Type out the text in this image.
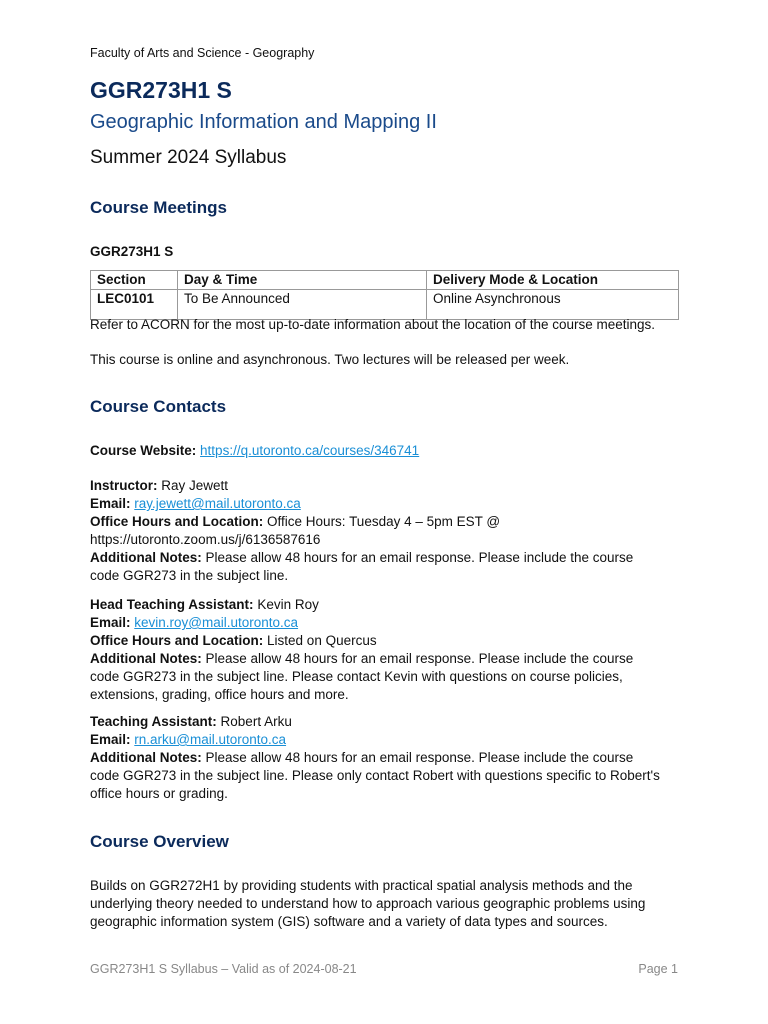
Faculty of Arts and Science - Geography
GGR273H1 S
Geographic Information and Mapping II
Summer 2024 Syllabus
Course Meetings
GGR273H1 S
Section	Day & Time	Delivery Mode & Location
LEC0101	To Be Announced	Online Asynchronous
Refer to ACORN for the most up-to-date information about the location of the course meetings.
This course is online and asynchronous. Two lectures will be released per week.
Course Contacts
Course Website: https://q.utoronto.ca/courses/346741
Instructor: Ray Jewett
Email: ray.jewett@mail.utoronto.ca
Office Hours and Location: Office Hours: Tuesday 4 – 5pm EST @
https://utoronto.zoom.us/j/6136587616
Additional Notes: Please allow 48 hours for an email response. Please include the course
code GGR273 in the subject line.
Head Teaching Assistant: Kevin Roy
Email: kevin.roy@mail.utoronto.ca
Office Hours and Location: Listed on Quercus
Additional Notes: Please allow 48 hours for an email response. Please include the course
code GGR273 in the subject line. Please contact Kevin with questions on course policies,
extensions, grading, office hours and more.
Teaching Assistant: Robert Arku
Email: rn.arku@mail.utoronto.ca
Additional Notes: Please allow 48 hours for an email response. Please include the course
code GGR273 in the subject line. Please only contact Robert with questions specific to Robert's
office hours or grading.
Course Overview
Builds on GGR272H1 by providing students with practical spatial analysis methods and the
underlying theory needed to understand how to approach various geographic problems using
geographic information system (GIS) software and a variety of data types and sources.
GGR273H1 S Syllabus – Valid as of 2024-08-21	Page 1
